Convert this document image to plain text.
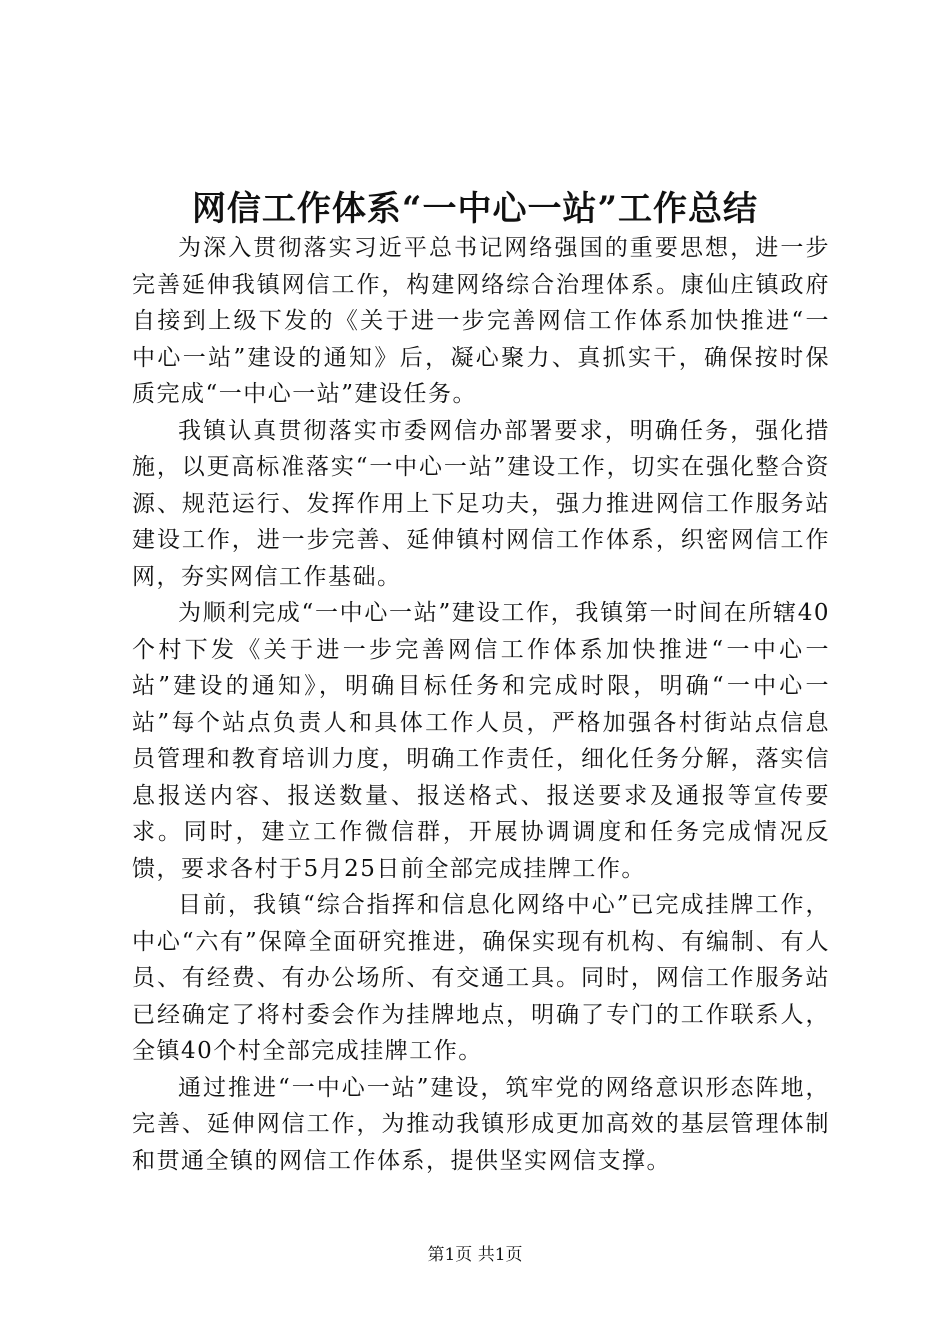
网信工作体系“一中心一站”工作总结

为深入贯彻落实习近平总书记网络强国的重要思想，进一步完善延伸我镇网信工作，构建网络综合治理体系。康仙庄镇政府自接到上级下发的《关于进一步完善网信工作体系加快推进“一中心一站”建设的通知》后，凝心聚力、真抓实干，确保按时保质完成“一中心一站”建设任务。

我镇认真贯彻落实市委网信办部署要求，明确任务，强化措施，以更高标准落实“一中心一站”建设工作，切实在强化整合资源、规范运行、发挥作用上下足功夫，强力推进网信工作服务站建设工作，进一步完善、延伸镇村网信工作体系，织密网信工作网，夯实网信工作基础。

为顺利完成“一中心一站”建设工作，我镇第一时间在所辖40个村下发《关于进一步完善网信工作体系加快推进“一中心一站”建设的通知》，明确目标任务和完成时限，明确“一中心一站”每个站点负责人和具体工作人员，严格加强各村街站点信息员管理和教育培训力度，明确工作责任，细化任务分解，落实信息报送内容、报送数量、报送格式、报送要求及通报等宣传要求。同时，建立工作微信群，开展协调调度和任务完成情况反馈，要求各村于5月25日前全部完成挂牌工作。

目前，我镇“综合指挥和信息化网络中心”已完成挂牌工作，中心“六有”保障全面研究推进，确保实现有机构、有编制、有人员、有经费、有办公场所、有交通工具。同时，网信工作服务站已经确定了将村委会作为挂牌地点，明确了专门的工作联系人，全镇40个村全部完成挂牌工作。

通过推进“一中心一站”建设，筑牢党的网络意识形态阵地，完善、延伸网信工作，为推动我镇形成更加高效的基层管理体制和贯通全镇的网信工作体系，提供坚实网信支撑。

第1页 共1页
